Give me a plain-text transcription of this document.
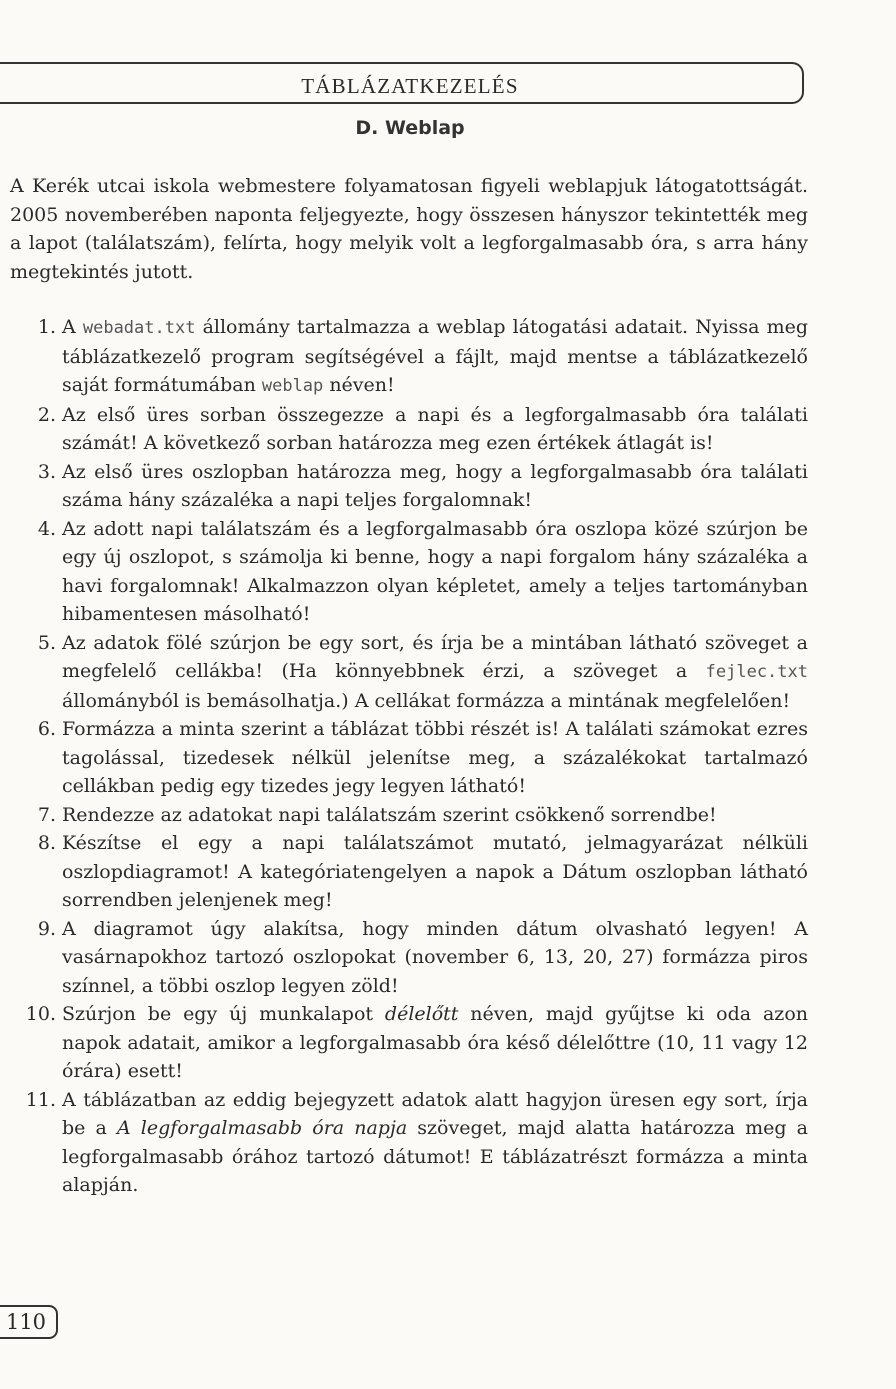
TÁBLÁZATKEZELÉS
D. Weblap
A Kerék utcai iskola webmestere folyamatosan figyeli weblapjuk látogatottságát. 2005 novemberében naponta feljegyezte, hogy összesen hányszor tekintették meg a lapot (találatszám), felírta, hogy melyik volt a legforgalmasabb óra, s arra hány megtekintés jutott.
1. A webadat.txt állomány tartalmazza a weblap látogatási adatait. Nyissa meg táblázatkezelő program segítségével a fájlt, majd mentse a táblázatkezelő saját formátumában weblap néven!
2. Az első üres sorban összegezze a napi és a legforgalmasabb óra találati számát! A következő sorban határozza meg ezen értékek átlagát is!
3. Az első üres oszlopban határozza meg, hogy a legforgalmasabb óra találati száma hány százaléka a napi teljes forgalomnak!
4. Az adott napi találatszám és a legforgalmasabb óra oszlopa közé szúrjon be egy új oszlopot, s számolja ki benne, hogy a napi forgalom hány százaléka a havi forgalomnak! Alkalmazzon olyan képletet, amely a teljes tartományban hibamentesen másolható!
5. Az adatok fölé szúrjon be egy sort, és írja be a mintában látható szöveget a megfelelő cellákba! (Ha könnyebbnek érzi, a szöveget a fejlec.txt állományból is bemásolhatja.) A cellákat formázza a mintának megfelelően!
6. Formázza a minta szerint a táblázat többi részét is! A találati számokat ezres tagolással, tizedesek nélkül jelenítse meg, a százalékokat tartalmazó cellákban pedig egy tizedes jegy legyen látható!
7. Rendezze az adatokat napi találatszám szerint csökkenő sorrendbe!
8. Készítse el egy a napi találatszámot mutató, jelmagyarázat nélküli oszlopdiagramot! A kategóriatengelyen a napok a Dátum oszlopban látható sorrendben jelenjenek meg!
9. A diagramot úgy alakítsa, hogy minden dátum olvasható legyen! A vasárnapokhoz tartozó oszlopokat (november 6, 13, 20, 27) formázza piros színnel, a többi oszlop legyen zöld!
10. Szúrjon be egy új munkalapot délelőtt néven, majd gyűjtse ki oda azon napok adatait, amikor a legforgalmasabb óra késő délelőttre (10, 11 vagy 12 órára) esett!
11. A táblázatban az eddig bejegyzett adatok alatt hagyjon üresen egy sort, írja be a A legforgalmasabb óra napja szöveget, majd alatta határozza meg a legforgalmasabb órához tartozó dátumot! E táblázatrészt formázza a minta alapján.
110
